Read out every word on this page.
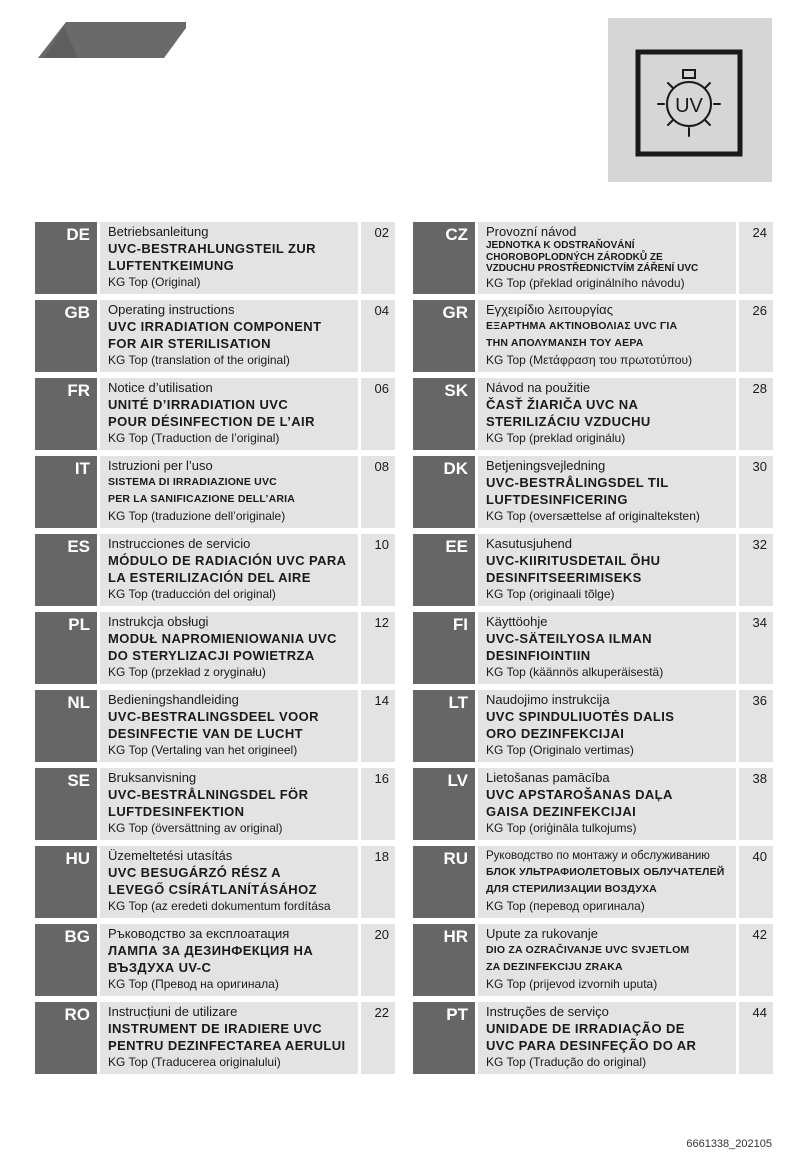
UV
DE	Betriebsanleitung
UVC-BESTRAHLUNGSTEIL ZUR
LUFTENTKEIMUNG
KG Top (Original)
02
GB	Operating instructions
UVC IRRADIATION COMPONENT
FOR AIR STERILISATION
KG Top (translation of the original)
04
FR	Notice d’utilisation
UNITÉ D’IRRADIATION UVC
POUR DÉSINFECTION DE L’AIR
KG Top (Traduction de l’original)
06
IT	Istruzioni per l’uso
SISTEMA DI IRRADIAZIONE UVC
PER LA SANIFICAZIONE DELL’ARIA
KG Top (traduzione dell’originale)
08
ES	Instrucciones de servicio
MÓDULO DE RADIACIÓN UVC PARA
LA ESTERILIZACIÓN DEL AIRE
KG Top (traducción del original)
10
PL	Instrukcja obsługi
MODUŁ NAPROMIENIOWANIA UVC
DO STERYLIZACJI POWIETRZA
KG Top (przekład z oryginału)
12
NL	Bedieningshandleiding
UVC-BESTRALINGSDEEL VOOR
DESINFECTIE VAN DE LUCHT
KG Top (Vertaling van het origineel)
14
SE	Bruksanvisning
UVC-BESTRÅLNINGSDEL FÖR
LUFTDESINFEKTION
KG Top (översättning av original)
16
HU	Üzemeltetési utasítás
UVC BESUGÁRZÓ RÉSZ A
LEVEGŐ CSÍRÁTLANÍTÁSÁHOZ
KG Top (az eredeti dokumentum fordítása
18
BG	Ръководство за експлоатация
ЛАМПА ЗА ДЕЗИНФЕКЦИЯ НА
ВЪЗДУХА UV-C
KG Top (Превод на оригинала)
20
RO	Instrucțiuni de utilizare
INSTRUMENT DE IRADIERE UVC
PENTRU DEZINFECTAREA AERULUI
KG Top (Traducerea originalului)
22
CZ	Provozní návod
JEDNOTKA K ODSTRAŇOVÁNÍ
CHOROBOPLODNÝCH ZÁRODKŮ ZE
VZDUCHU PROSTŘEDNICTVÍM ZÁŘENÍ UVC
KG Top (překlad originálního návodu)
24
GR	Εγχειρίδιο λειτουργίας
ΕΞΑΡΤΗΜΑ ΑΚΤΙΝΟΒΟΛΙΑΣ UVC ΓΙΑ
ΤΗΝ ΑΠΟΛΥΜΑΝΣΗ ΤΟΥ ΑΕΡΑ
KG Top (Μετάφραση του πρωτοτύπου)
26
SK	Návod na použitie
ČASŤ ŽIARIČA UVC NA
STERILIZÁCIU VZDUCHU
KG Top (preklad originálu)
28
DK	Betjeningsvejledning
UVC-BESTRÅLINGSDEL TIL
LUFTDESINFICERING
KG Top (oversættelse af originalteksten)
30
EE	Kasutusjuhend
UVC-KIIRITUSDETAIL ÕHU
DESINFITSEERIMISEKS
KG Top (originaali tõlge)
32
FI	Käyttöohje
UVC-SÄTEILYOSA ILMAN
DESINFIOINTIIN
KG Top (käännös alkuperäisestä)
34
LT	Naudojimo instrukcija
UVC SPINDULIUOTĖS DALIS
ORO DEZINFEKCIJAI
KG Top (Originalo vertimas)
36
LV	Lietošanas pamācība
UVC APSTAROŠANAS DAĻA
GAISA DEZINFEKCIJAI
KG Top (oriģināla tulkojums)
38
RU	Руководство по монтажу и обслуживанию
БЛОК УЛЬТРАФИОЛЕТОВЫХ ОБЛУЧАТЕЛЕЙ
ДЛЯ СТЕРИЛИЗАЦИИ ВОЗДУХА
KG Top (перевод оригинала)
40
HR	Upute za rukovanje
DIO ZA OZRAČIVANJE UVC SVJETLOM
ZA DEZINFEKCIJU ZRAKA
KG Top (prijevod izvornih uputa)
42
PT	Instruções de serviço
UNIDADE DE IRRADIAÇÃO DE
UVC PARA DESINFEÇÃO DO AR
KG Top (Tradução do original)
44
6661338_202105
